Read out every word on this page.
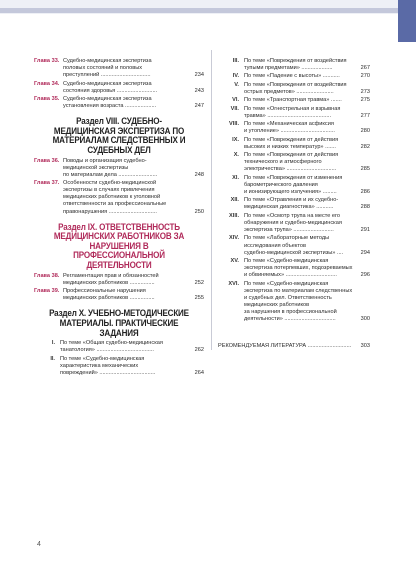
Глава 33. Судебно-медицинская экспертиза
половых состояний и половых
преступлений ................................	234
Глава 34. Судебно-медицинская экспертиза
состояния здоровья ..........................	243
Глава 35. Судебно-медицинская экспертиза
установления возраста ....................	247
Раздел VIII. СУДЕБНО-МЕДИЦИНСКАЯ ЭКСПЕРТИЗА ПО МАТЕРИАЛАМ СЛЕДСТВЕННЫХ И СУДЕБНЫХ ДЕЛ
Глава 36. Поводы и организация судебно-
медицинской экспертизы
по материалам дела .........................	248
Глава 37. Особенности судебно-медицинской
экспертизы в случаях привлечения
медицинских работников к уголовной
ответственности за профессиональные
правонарушения ...............................	250
Раздел IX. ОТВЕТСТВЕННОСТЬ МЕДИЦИНСКИХ РАБОТНИКОВ ЗА НАРУШЕНИЯ В ПРОФЕССИОНАЛЬНОЙ ДЕЯТЕЛЬНОСТИ
Глава 38. Регламентация прав и обязанностей
медицинских работников ................	252
Глава 39. Профессиональные нарушения
медицинских работников ................	255
Раздел X. УЧЕБНО-МЕТОДИЧЕСКИЕ МАТЕРИАЛЫ. ПРАКТИЧЕСКИЕ ЗАДАНИЯ
I. По теме «Общая судебно-медицинская
танатология» .....................................	262
II. По теме «Судебно-медицинская
характеристика механических
повреждений» ....................................	264
III. По теме «Повреждения от воздействия
тупыми предметами» ....................	267
IV. По теме «Падение с высоты» ...........	270
V. По теме «Повреждения от воздействия
острых предметов» ........................	273
VI. По теме «Транспортная травма» .......	275
VII. По теме «Огнестрельная и взрывная
травма» .........................................	277
VIII. По теме «Механическая асфиксия
и утопление» ...................................	280
IX. По теме «Повреждения от действия
высоких и низких температур» .......	282
X. По теме «Повреждения от действия
технического и атмосферного
электричества» ................................	285
XI. По теме «Повреждения от изменения
барометрического давления
и ионизирующего излучения» .........	286
XII. По теме «Отравления и их судебно-
медицинская диагностика» ...........	288
XIII. По теме «Осмотр трупа на месте его
обнаружения и судебно-медицинская
экспертиза трупа» ..........................	291
XIV. По теме «Лабораторные методы
исследования объектов
судебно-медицинской экспертизы» ....	294
XV. По теме «Судебно-медицинская
экспертиза потерпевших, подозреваемых
и обвиняемых» .................................	296
XVI. По теме «Судебно-медицинская
экспертиза по материалам следственных
и судебных дел. Ответственность
медицинских работников
за нарушения в профессиональной
деятельности» .................................	300
РЕКОМЕНДУЕМАЯ ЛИТЕРАТУРА ............................	303
4
